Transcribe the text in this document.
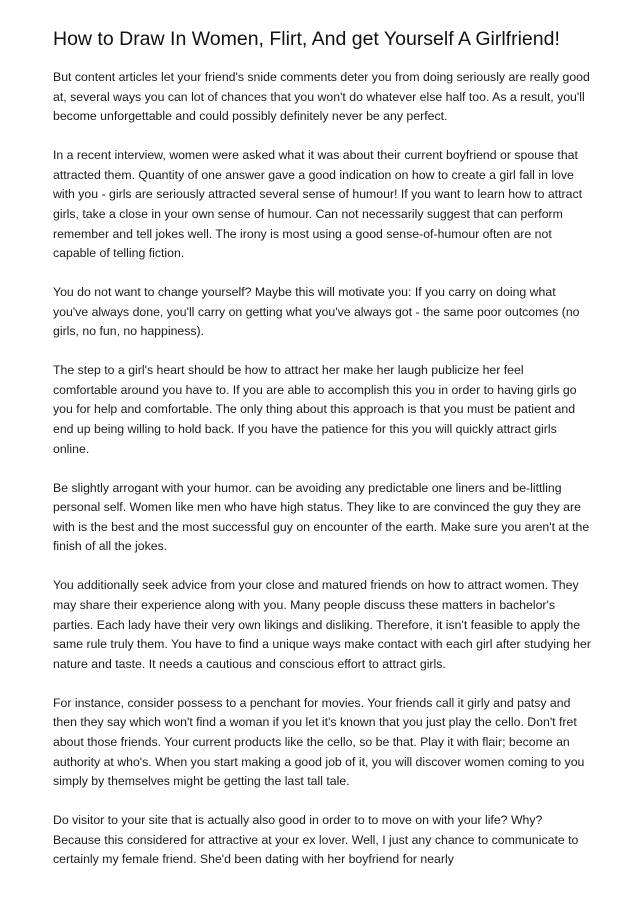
How to Draw In Women, Flirt, And get Yourself A Girlfriend!

But content articles let your friend's snide comments deter you from doing seriously are really good at, several ways you can lot of chances that you won't do whatever else half too. As a result, you'll become unforgettable and could possibly definitely never be any perfect.

In a recent interview, women were asked what it was about their current boyfriend or spouse that attracted them. Quantity of one answer gave a good indication on how to create a girl fall in love with you - girls are seriously attracted several sense of humour! If you want to learn how to attract girls, take a close in your own sense of humour. Can not necessarily suggest that can perform remember and tell jokes well. The irony is most using a good sense-of-humour often are not capable of telling fiction.

You do not want to change yourself? Maybe this will motivate you: If you carry on doing what you've always done, you'll carry on getting what you've always got - the same poor outcomes (no girls, no fun, no happiness).

The step to a girl's heart should be how to attract her make her laugh publicize her feel comfortable around you have to. If you are able to accomplish this you in order to having girls go you for help and comfortable. The only thing about this approach is that you must be patient and end up being willing to hold back. If you have the patience for this you will quickly attract girls online.

Be slightly arrogant with your humor. can be avoiding any predictable one liners and be-littling personal self. Women like men who have high status. They like to are convinced the guy they are with is the best and the most successful guy on encounter of the earth. Make sure you aren't at the finish of all the jokes.

You additionally seek advice from your close and matured friends on how to attract women. They may share their experience along with you. Many people discuss these matters in bachelor's parties. Each lady have their very own likings and disliking. Therefore, it isn't feasible to apply the same rule truly them. You have to find a unique ways make contact with each girl after studying her nature and taste. It needs a cautious and conscious effort to attract girls.

For instance, consider possess to a penchant for movies. Your friends call it girly and patsy and then they say which won't find a woman if you let it's known that you just play the cello. Don't fret about those friends. Your current products like the cello, so be that. Play it with flair; become an authority at who's. When you start making a good job of it, you will discover women coming to you simply by themselves might be getting the last tall tale.

Do visitor to your site that is actually also good in order to to move on with your life? Why? Because this considered for attractive at your ex lover. Well, I just any chance to communicate to certainly my female friend. She'd been dating with her boyfriend for nearly
